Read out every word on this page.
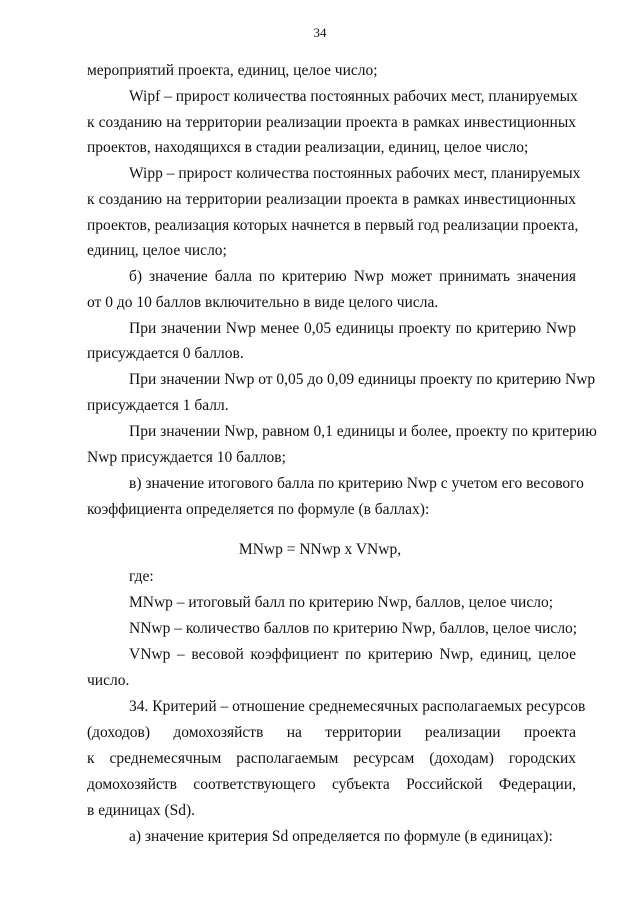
34
мероприятий проекта, единиц, целое число;
Wipf – прирост количества постоянных рабочих мест, планируемых
к созданию на территории реализации проекта в рамках инвестиционных
проектов, находящихся в стадии реализации, единиц, целое число;
Wipp – прирост количества постоянных рабочих мест, планируемых
к созданию на территории реализации проекта в рамках инвестиционных
проектов, реализация которых начнется в первый год реализации проекта,
единиц, целое число;
б) значение балла по критерию Nwp может принимать значения
от 0 до 10 баллов включительно в виде целого числа.
При значении Nwp менее 0,05 единицы проекту по критерию Nwp
присуждается 0 баллов.
При значении Nwp от 0,05 до 0,09 единицы проекту по критерию Nwp
присуждается 1 балл.
При значении Nwp, равном 0,1 единицы и более, проекту по критерию
Nwp присуждается 10 баллов;
в) значение итогового балла по критерию Nwp с учетом его весового
коэффициента определяется по формуле (в баллах):
MNwp = NNwp x VNwp,
где:
MNwp – итоговый балл по критерию Nwp, баллов, целое число;
NNwp – количество баллов по критерию Nwp, баллов, целое число;
VNwp – весовой коэффициент по критерию Nwp, единиц, целое
число.
34. Критерий – отношение среднемесячных располагаемых ресурсов
(доходов) домохозяйств на территории реализации проекта
к среднемесячным располагаемым ресурсам (доходам) городских
домохозяйств соответствующего субъекта Российской Федерации,
в единицах (Sd).
а) значение критерия Sd определяется по формуле (в единицах):
